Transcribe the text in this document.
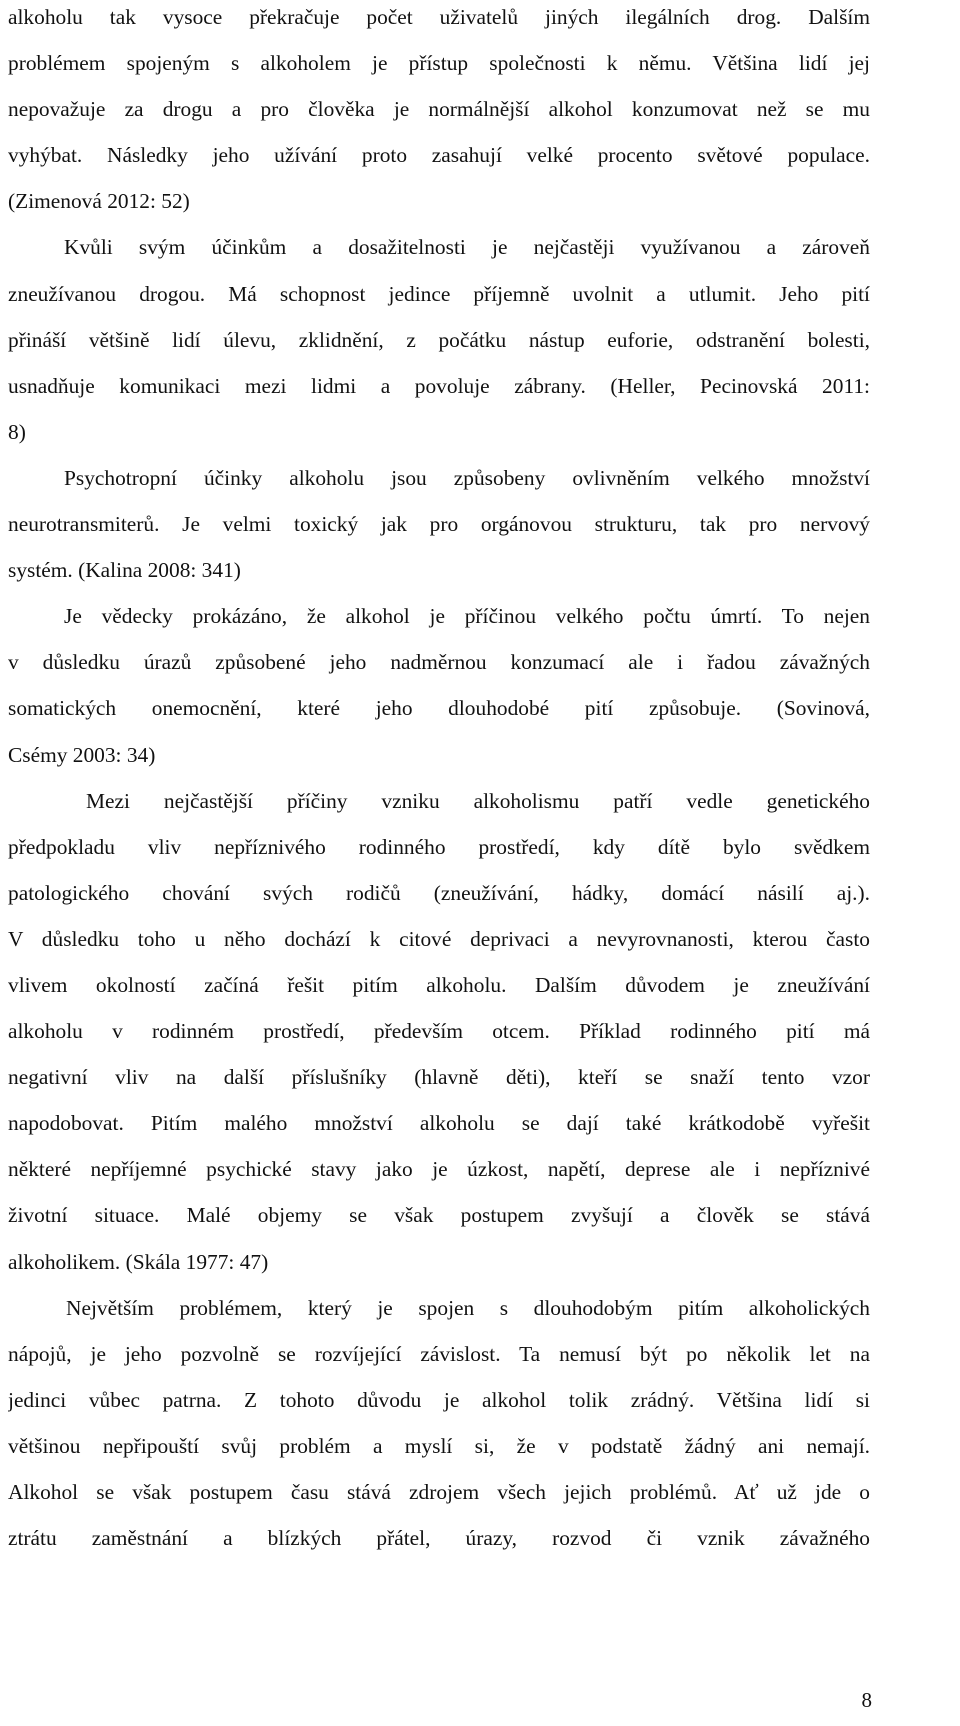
alkoholu tak vysoce překračuje počet uživatelů jiných ilegálních drog. Dalším
problémem spojeným s alkoholem je přístup společnosti k němu. Většina lidí jej
nepovažuje za drogu a pro člověka je normálnější alkohol konzumovat než se mu
vyhýbat. Následky jeho užívání proto zasahují velké procento světové populace.
(Zimenová 2012: 52)
Kvůli svým účinkům a dosažitelnosti je nejčastěji využívanou a zároveň
zneužívanou drogou. Má schopnost jedince příjemně uvolnit a utlumit. Jeho pití
přináší většině lidí úlevu, zklidnění, z počátku nástup euforie, odstranění bolesti,
usnadňuje komunikaci mezi lidmi a povoluje zábrany. (Heller, Pecinovská 2011:
8)
Psychotropní účinky alkoholu jsou způsobeny ovlivněním velkého množství
neurotransmiterů. Je velmi toxický jak pro orgánovou strukturu, tak pro nervový
systém. (Kalina 2008: 341)
Je vědecky prokázáno, že alkohol je příčinou velkého počtu úmrtí. To nejen
v důsledku úrazů způsobené jeho nadměrnou konzumací ale i řadou závažných
somatických onemocnění, které jeho dlouhodobé pití způsobuje. (Sovinová,
Csémy 2003: 34)
Mezi nejčastější příčiny vzniku alkoholismu patří vedle genetického
předpokladu vliv nepříznivého rodinného prostředí, kdy dítě bylo svědkem
patologického chování svých rodičů (zneužívání, hádky, domácí násilí aj.).
V důsledku toho u něho dochází k citové deprivaci a nevyrovnanosti, kterou často
vlivem okolností začíná řešit pitím alkoholu. Dalším důvodem je zneužívání
alkoholu v rodinném prostředí, především otcem. Příklad rodinného pití má
negativní vliv na další příslušníky (hlavně děti), kteří se snaží tento vzor
napodobovat. Pitím malého množství alkoholu se dají také krátkodobě vyřešit
některé nepříjemné psychické stavy jako je úzkost, napětí, deprese ale i nepříznivé
životní situace. Malé objemy se však postupem zvyšují a člověk se stává
alkoholikem. (Skála 1977: 47)
Největším problémem, který je spojen s dlouhodobým pitím alkoholických
nápojů, je jeho pozvolně se rozvíjející závislost. Ta nemusí být po několik let na
jedinci vůbec patrna. Z tohoto důvodu je alkohol tolik zrádný. Většina lidí si
většinou nepřipouští svůj problém a myslí si, že v podstatě žádný ani nemají.
Alkohol se však postupem času stává zdrojem všech jejich problémů. Ať už jde o
ztrátu zaměstnání a blízkých přátel, úrazy, rozvod či vznik závažného
8
